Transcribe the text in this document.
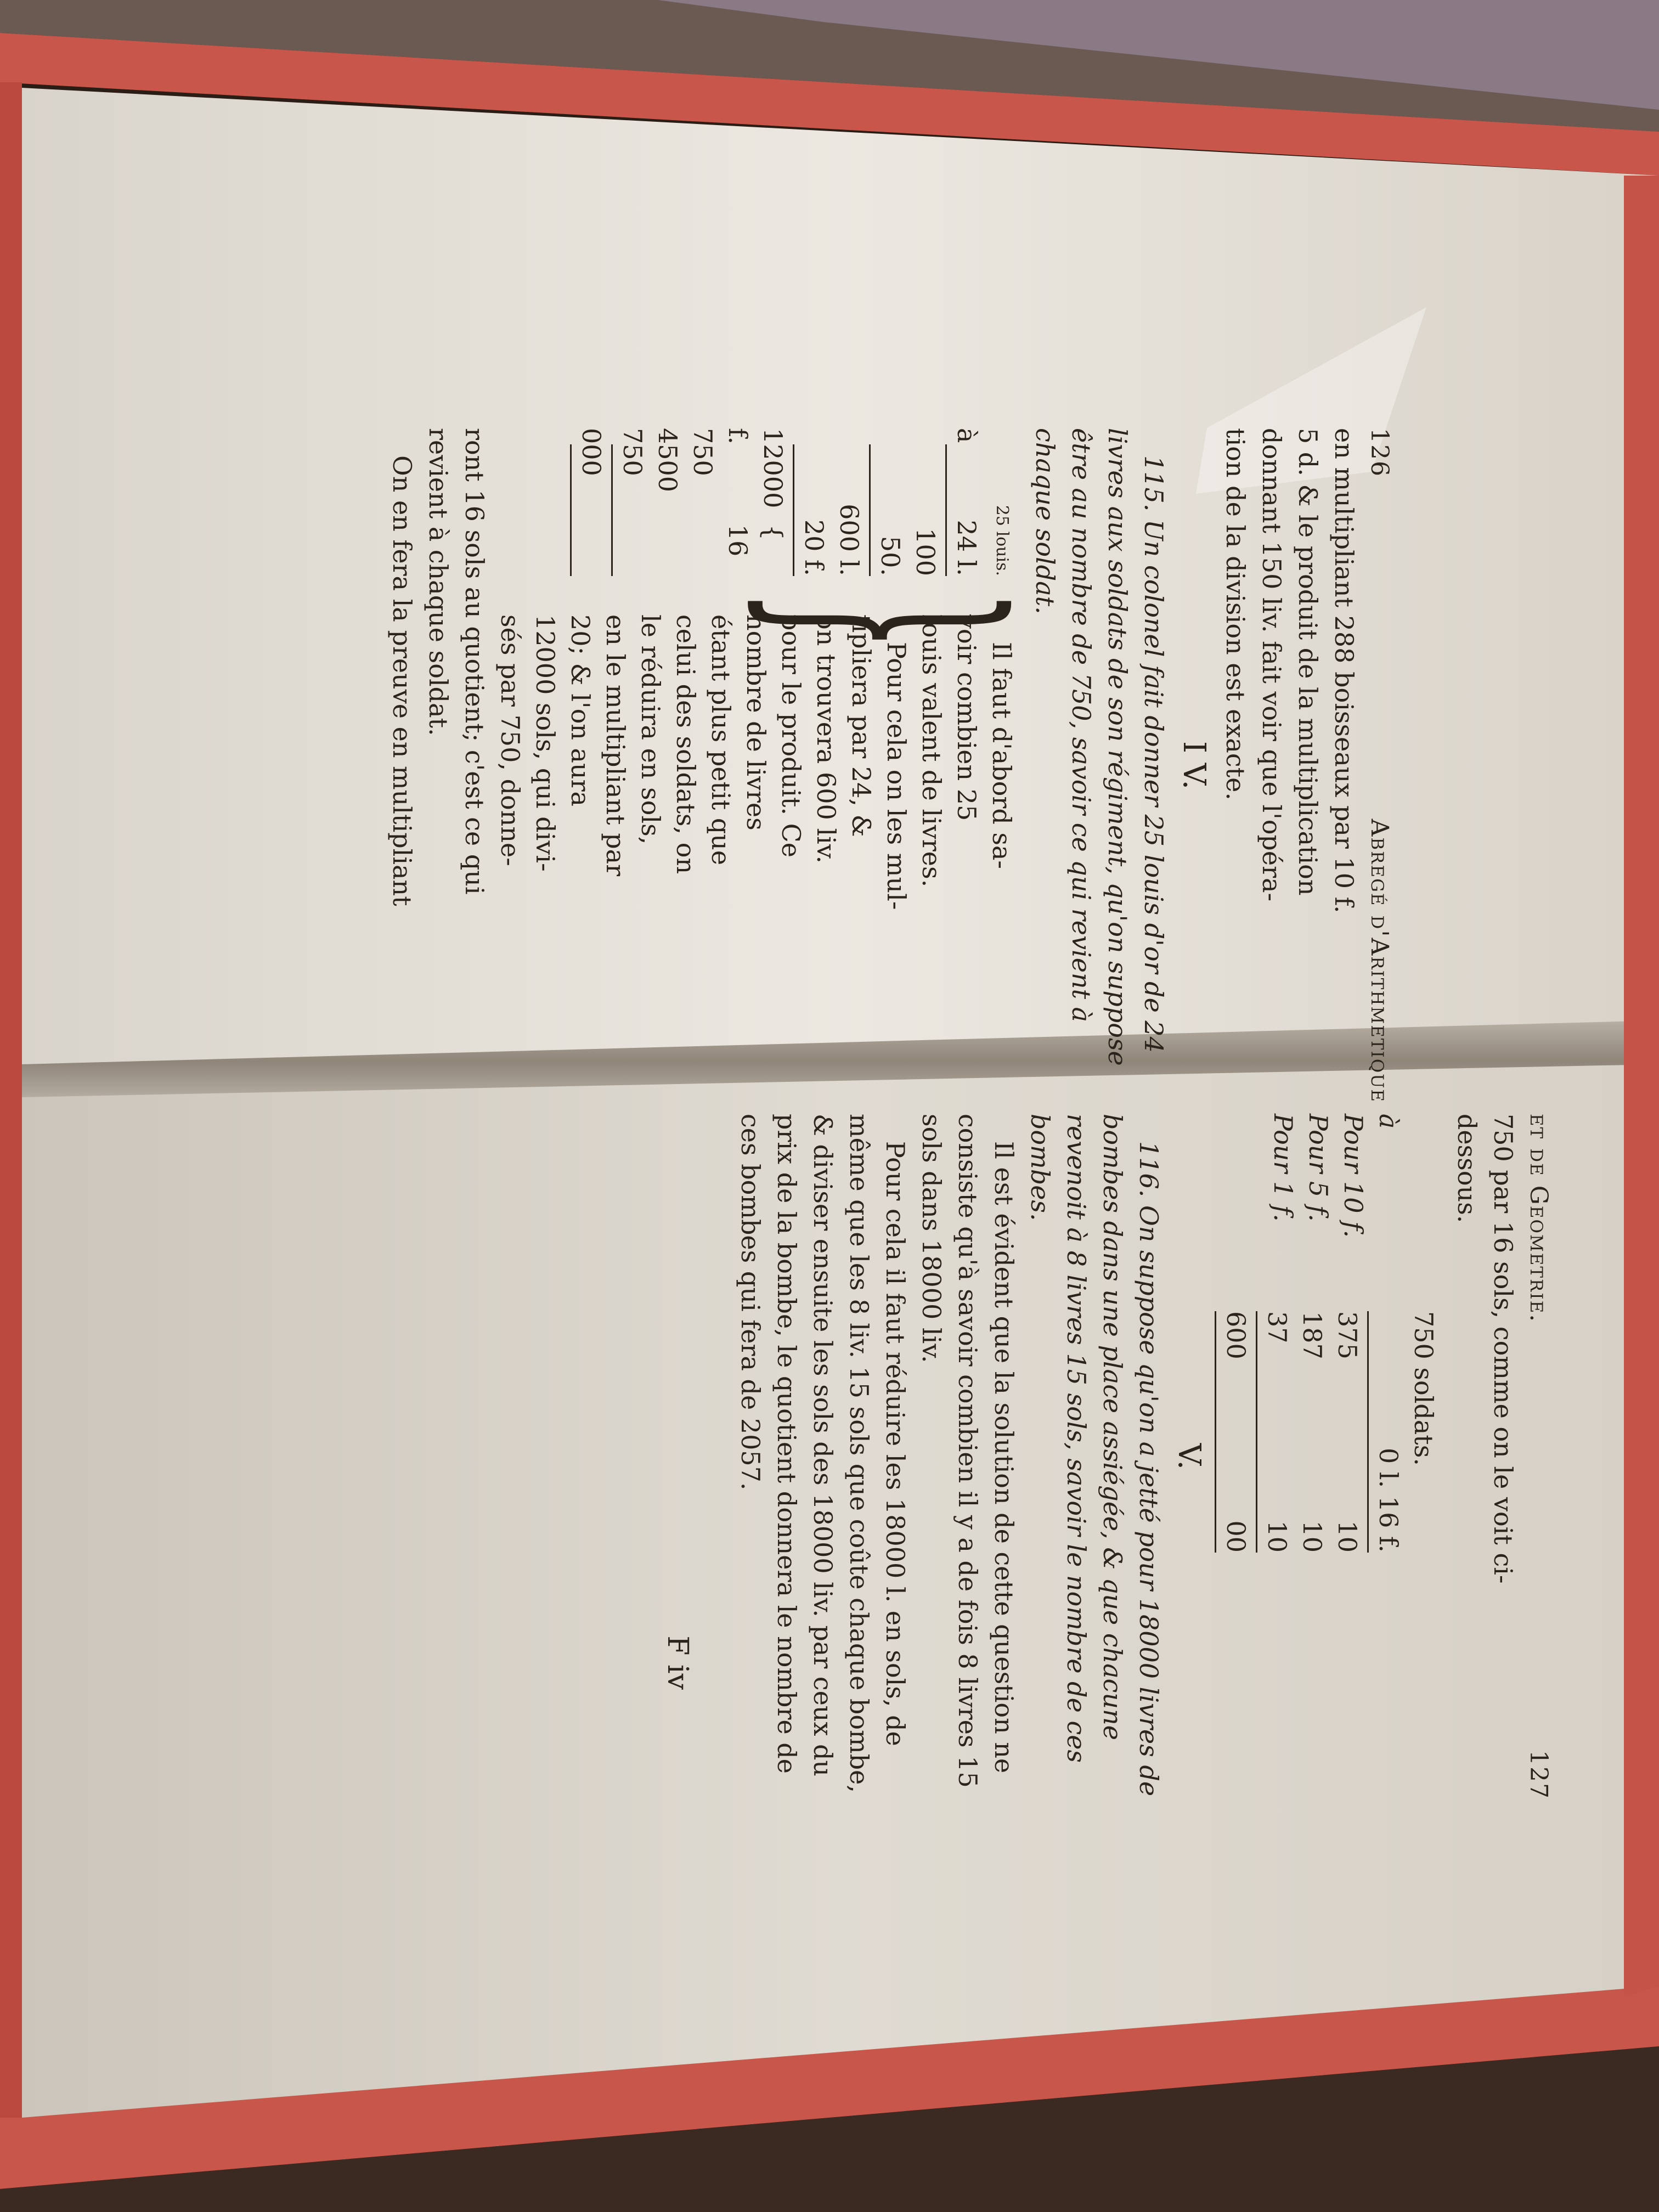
126
Abregé d'Arithmetique

en multipliant 288 boisseaux par 10 f.

5 d. & le produit de la multiplication

donnant 150 liv. fait voir que l'opéra-

tion de la division est exacte.

I V.

115. Un colonel fait donner 25 louis d'or de 24 livres aux soldats de son régiment, qu'on suppose être au nombre de 750, savoir ce qui revient à chaque soldat.

25 louis.
à
24 l.
100
50.
600 l.
20 f.
12000 f.
{ 16
750
4500
750
000
}
Il faut d'abord sa-
voir combien 25
louis valent de livres.
Pour cela on les mul-
tipliera par 24, &
on trouvera 600 liv.
pour le produit. Ce
nombre de livres
étant plus petit que
celui des soldats, on
le réduira en sols,
en le multipliant par
20; & l'on aura
12000 sols, qui divi-
sés par 750, donne-

ront 16 sols au quotient; c'est ce qui

revient à chaque soldat.

On en fera la preuve en multipliant

et de Geometrie.
127

750 par 16 sols, comme on le voit ci-

dessous.

à
Pour 10 f.
Pour 5 f.
Pour 1 f.
750 soldats.
0 l. 16 f.
375
10
187
10
37
10
600
00
V.

116. On suppose qu'on a jetté pour 18000 livres de bombes dans une place assiégée, & que chacune revenoit à 8 livres 15 sols, savoir le nombre de ces bombes.

Il est évident que la solution de cette question ne consiste qu'à savoir combien il y a de fois 8 livres 15 sols dans 18000 liv.

Pour cela il faut réduire les 18000 l. en sols, de même que les 8 liv. 15 sols que coûte chaque bombe, & diviser ensuite les sols des 18000 liv. par ceux du prix de la bombe, le quotient donnera le nombre de ces bombes qui fera de 2057.

F iv
